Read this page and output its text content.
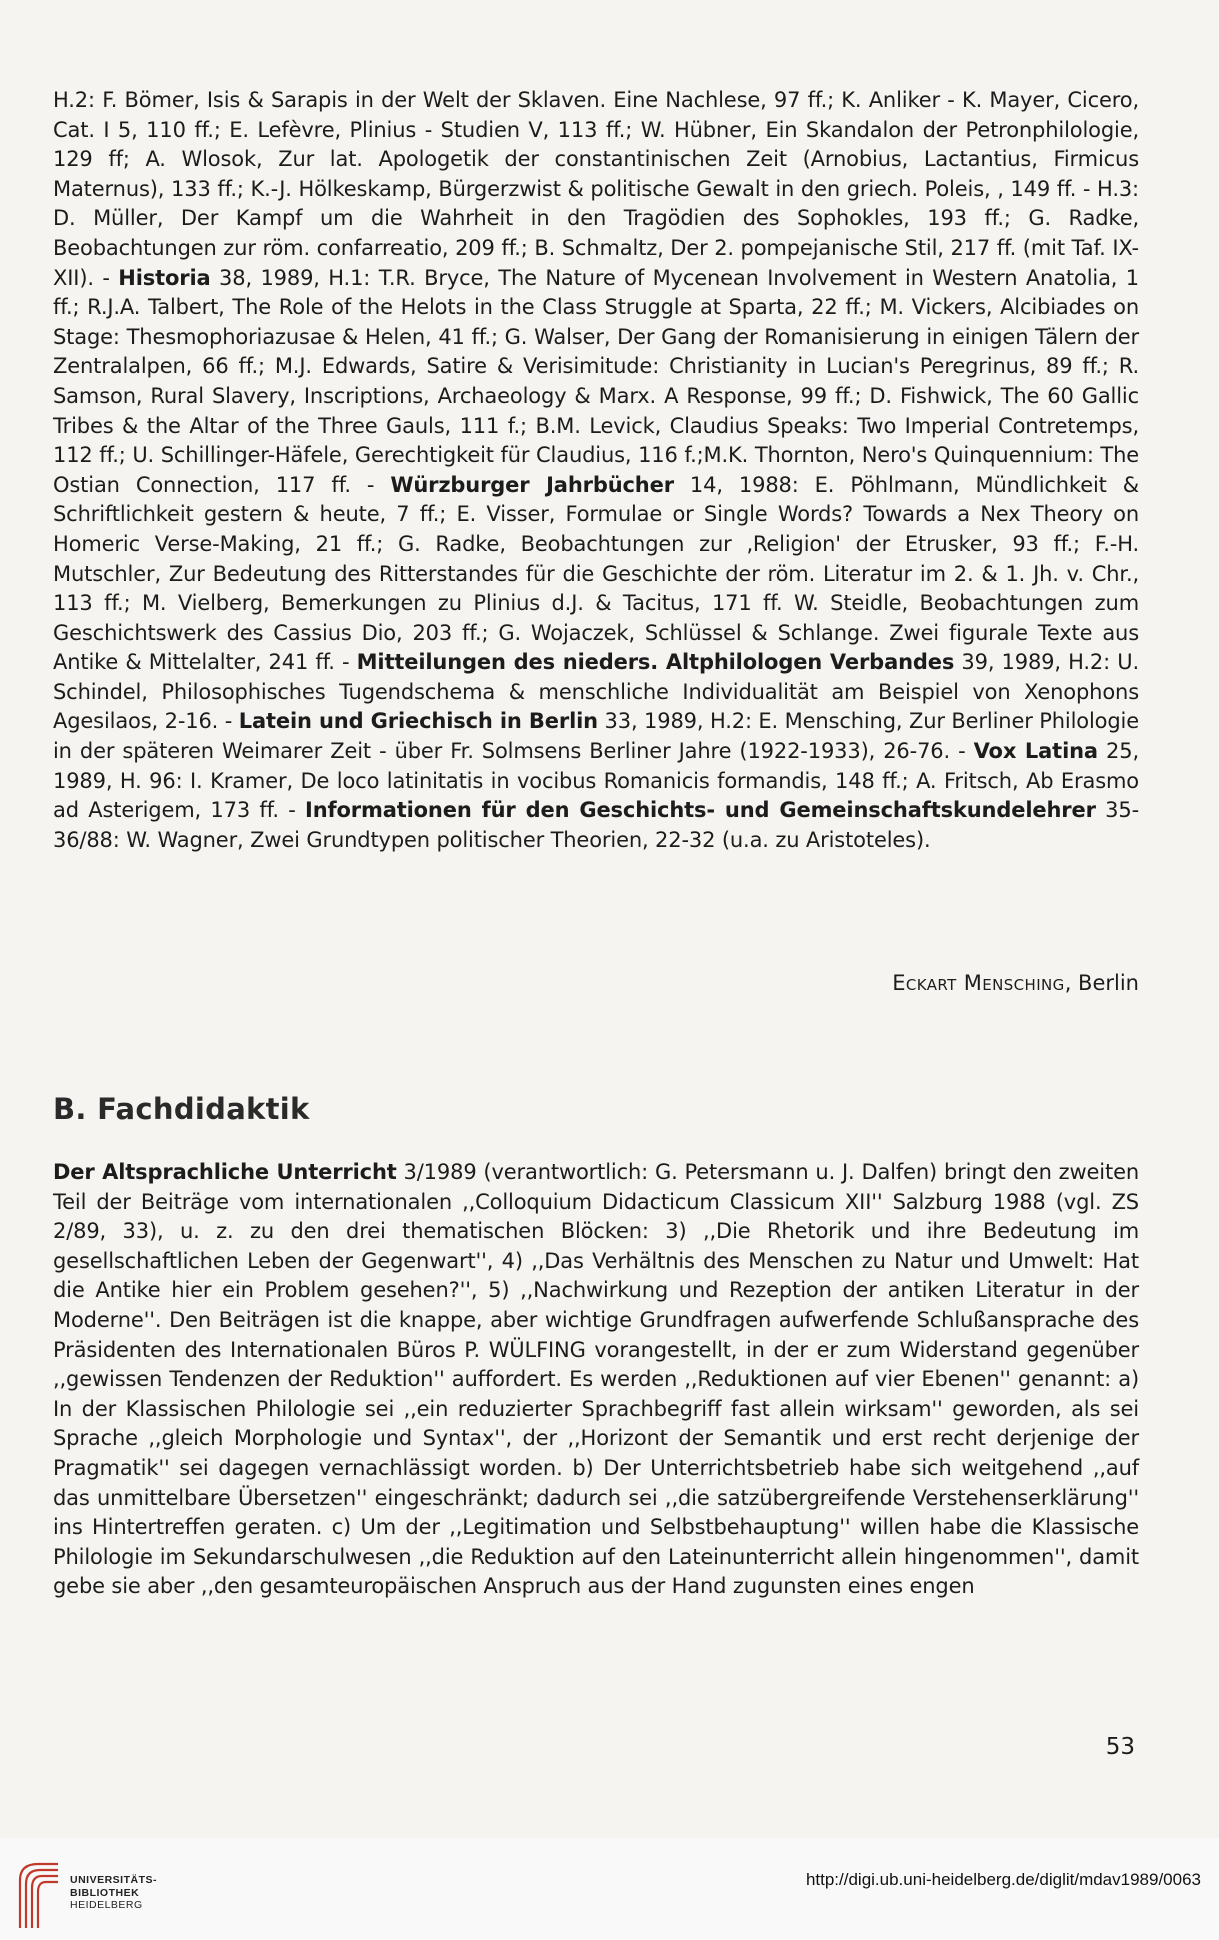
H.2: F. Bömer, Isis & Sarapis in der Welt der Sklaven. Eine Nachlese, 97 ff.; K. Anliker - K. Mayer, Cicero, Cat. I 5, 110 ff.; E. Lefèvre, Plinius - Studien V, 113 ff.; W. Hübner, Ein Skandalon der Petronphilologie, 129 ff; A. Wlosok, Zur lat. Apologetik der constantinischen Zeit (Arnobius, Lactantius, Firmicus Maternus), 133 ff.; K.-J. Hölkeskamp, Bürgerzwist & politische Gewalt in den griech. Poleis, , 149 ff. - H.3: D. Müller, Der Kampf um die Wahrheit in den Tragödien des Sophokles, 193 ff.; G. Radke, Beobachtungen zur röm. confarreatio, 209 ff.; B. Schmaltz, Der 2. pompejanische Stil, 217 ff. (mit Taf. IX-XII). - Historia 38, 1989, H.1: T.R. Bryce, The Nature of Mycenean Involvement in Western Anatolia, 1 ff.; R.J.A. Talbert, The Role of the Helots in the Class Struggle at Sparta, 22 ff.; M. Vickers, Alcibiades on Stage: Thesmophoriazusae & Helen, 41 ff.; G. Walser, Der Gang der Romanisierung in einigen Tälern der Zentralalpen, 66 ff.; M.J. Edwards, Satire & Verisimitude: Christianity in Lucian's Peregrinus, 89 ff.; R. Samson, Rural Slavery, Inscriptions, Archaeology & Marx. A Response, 99 ff.; D. Fishwick, The 60 Gallic Tribes & the Altar of the Three Gauls, 111 f.; B.M. Levick, Claudius Speaks: Two Imperial Contretemps, 112 ff.; U. Schillinger-Häfele, Gerechtigkeit für Claudius, 116 f.;M.K. Thornton, Nero's Quinquennium: The Ostian Connection, 117 ff. - Würzburger Jahrbücher 14, 1988: E. Pöhlmann, Mündlichkeit & Schriftlichkeit gestern & heute, 7 ff.; E. Visser, Formulae or Single Words? Towards a Nex Theory on Homeric Verse-Making, 21 ff.; G. Radke, Beobachtungen zur ‚Religion' der Etrusker, 93 ff.; F.-H. Mutschler, Zur Bedeutung des Ritterstandes für die Geschichte der röm. Literatur im 2. & 1. Jh. v. Chr., 113 ff.; M. Vielberg, Bemerkungen zu Plinius d.J. & Tacitus, 171 ff. W. Steidle, Beobachtungen zum Geschichtswerk des Cassius Dio, 203 ff.; G. Wojaczek, Schlüssel & Schlange. Zwei figurale Texte aus Antike & Mittelalter, 241 ff. - Mitteilungen des nieders. Altphilologen Verbandes 39, 1989, H.2: U. Schindel, Philosophisches Tugendschema & menschliche Individualität am Beispiel von Xenophons Agesilaos, 2-16. - Latein und Griechisch in Berlin 33, 1989, H.2: E. Mensching, Zur Berliner Philologie in der späteren Weimarer Zeit - über Fr. Solmsens Berliner Jahre (1922-1933), 26-76. - Vox Latina 25, 1989, H. 96: I. Kramer, De loco latinitatis in vocibus Romanicis formandis, 148 ff.; A. Fritsch, Ab Erasmo ad Asterigem, 173 ff. - Informationen für den Geschichts- und Gemeinschaftskundelehrer 35-36/88: W. Wagner, Zwei Grundtypen politischer Theorien, 22-32 (u.a. zu Aristoteles).
Eckart Mensching, Berlin
B. Fachdidaktik
Der Altsprachliche Unterricht 3/1989 (verantwortlich: G. Petersmann u. J. Dalfen) bringt den zweiten Teil der Beiträge vom internationalen ,,Colloquium Didacticum Classicum XII'' Salzburg 1988 (vgl. ZS 2/89, 33), u. z. zu den drei thematischen Blöcken: 3) ,,Die Rhetorik und ihre Bedeutung im gesellschaftlichen Leben der Gegenwart'', 4) ,,Das Verhältnis des Menschen zu Natur und Umwelt: Hat die Antike hier ein Problem gesehen?'', 5) ,,Nachwirkung und Rezeption der antiken Literatur in der Moderne''. Den Beiträgen ist die knappe, aber wichtige Grundfragen aufwerfende Schlußansprache des Präsidenten des Internationalen Büros P. WÜLFING vorangestellt, in der er zum Widerstand gegenüber ,,gewissen Tendenzen der Reduktion'' auffordert. Es werden ,,Reduktionen auf vier Ebenen'' genannt: a) In der Klassischen Philologie sei ,,ein reduzierter Sprachbegriff fast allein wirksam'' geworden, als sei Sprache ,,gleich Morphologie und Syntax'', der ,,Horizont der Semantik und erst recht derjenige der Pragmatik'' sei dagegen vernachlässigt worden. b) Der Unterrichtsbetrieb habe sich weitgehend ,,auf das unmittelbare Übersetzen'' eingeschränkt; dadurch sei ,,die satzübergreifende Verstehenserklärung'' ins Hintertreffen geraten. c) Um der ,,Legitimation und Selbstbehauptung'' willen habe die Klassische Philologie im Sekundarschulwesen ,,die Reduktion auf den Lateinunterricht allein hingenommen'', damit gebe sie aber ,,den gesamteuropäischen Anspruch aus der Hand zugunsten eines engen
53
UNIVERSITÄTS-
BIBLIOTHEK
HEIDELBERG
http://digi.ub.uni-heidelberg.de/diglit/mdav1989/0063
